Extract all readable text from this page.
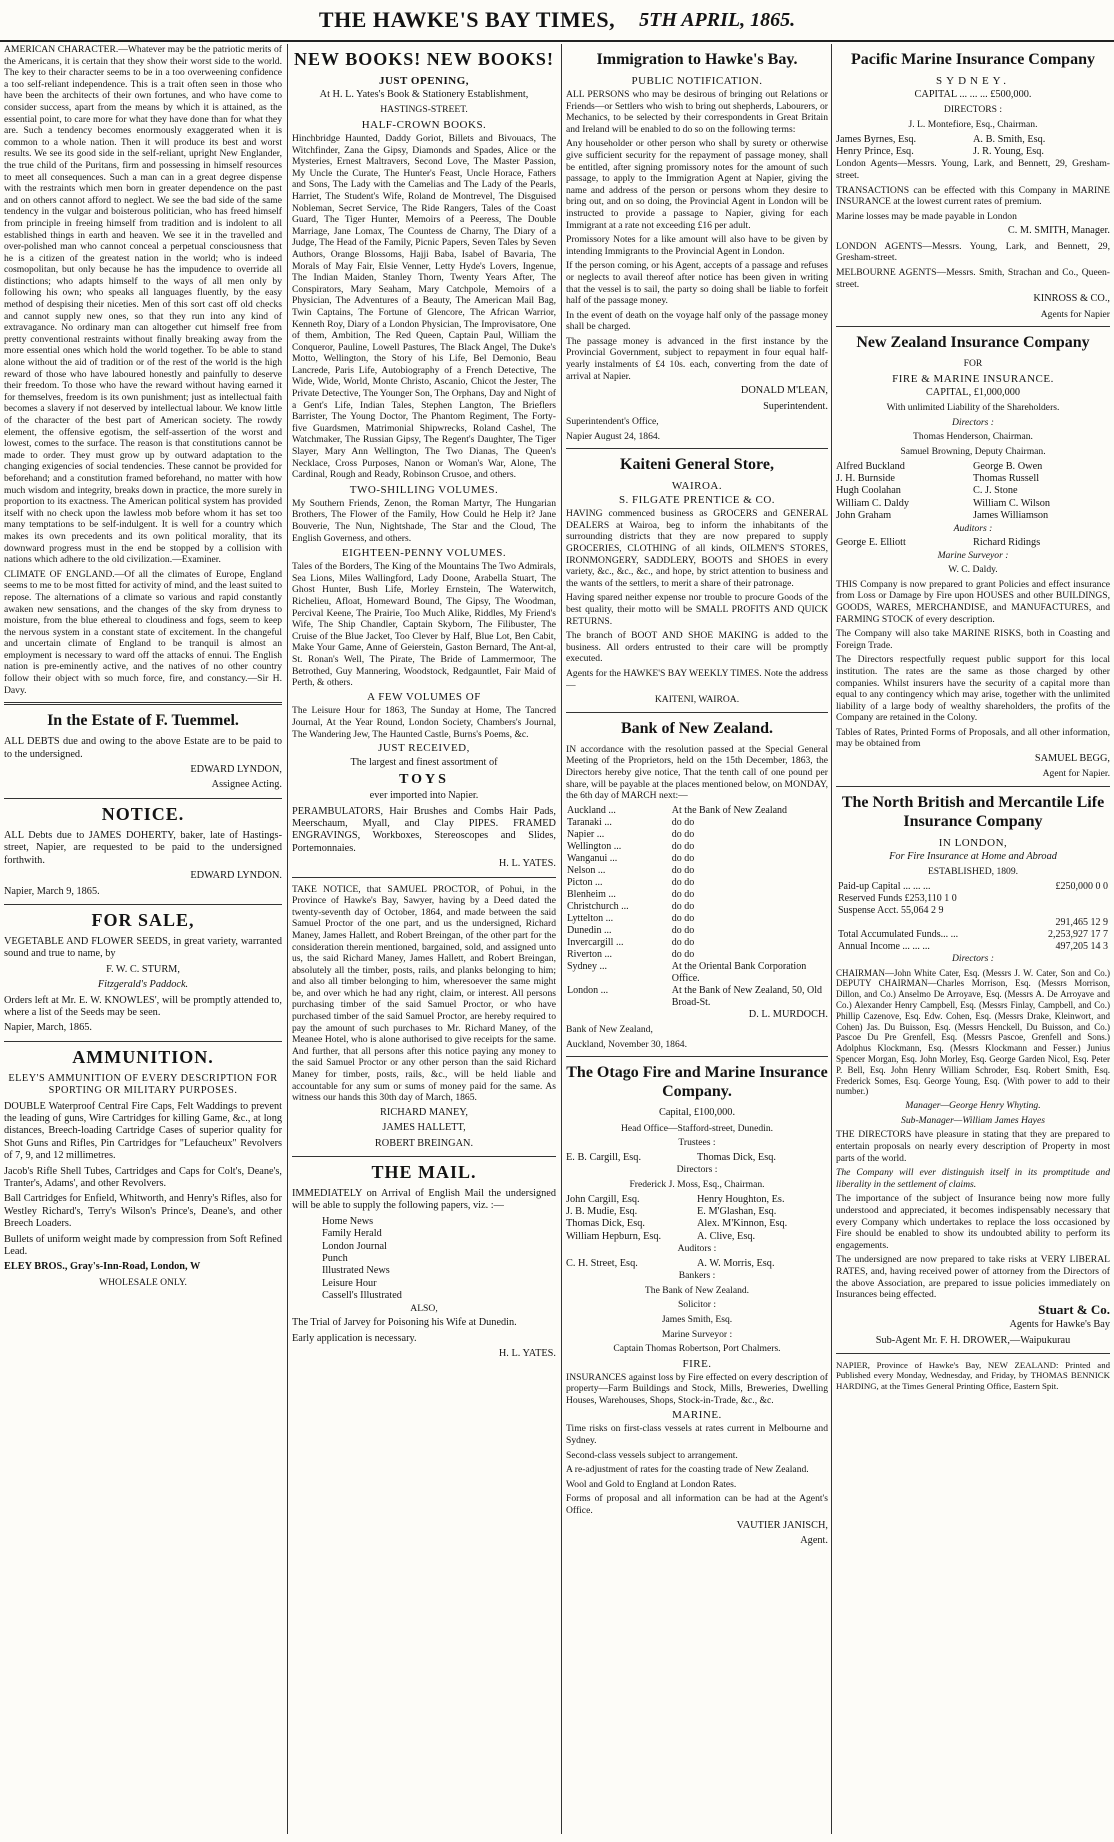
THE HAWKE'S BAY TIMES, 5TH APRIL, 1865.

AMERICAN CHARACTER.—Whatever may be the patriotic merits of the Americans, it is certain that they show their worst side to the world. The key to their character seems to be in a too overweening confidence a too self-reliant independence. This is a trait often seen in those who have been the architects of their own fortunes, and who have come to consider success, apart from the means by which it is attained, as the essential point, to care more for what they have done than for what they are. Such a tendency becomes enormously exaggerated when it is common to a whole nation. Then it will produce its best and worst results. We see its good side in the self-reliant, upright New Englander, the true child of the Puritans, firm and possessing in himself resources to meet all consequences. Such a man can in a great degree dispense with the restraints which men born in greater dependence on the past and on others cannot afford to neglect. We see the bad side of the same tendency in the vulgar and boisterous politician, who has freed himself from principle in freeing himself from tradition and is indolent to all established things in earth and heaven. We see it in the travelled and over-polished man who cannot conceal a perpetual consciousness that he is a citizen of the greatest nation in the world; who is indeed cosmopolitan, but only because he has the impudence to override all distinctions; who adapts himself to the ways of all men only by following his own; who speaks all languages fluently, by the easy method of despising their niceties. Men of this sort cast off old checks and cannot supply new ones, so that they run into any kind of extravagance. No ordinary man can altogether cut himself free from pretty conventional restraints without finally breaking away from the more essential ones which hold the world together. To be able to stand alone without the aid of tradition or of the rest of the world is the high reward of those who have laboured honestly and painfully to deserve their freedom. To those who have the reward without having earned it for themselves, freedom is its own punishment; just as intellectual faith becomes a slavery if not deserved by intellectual labour. We know little of the character of the best part of American society. The rowdy element, the offensive egotism, the self-assertion of the worst and lowest, comes to the surface. The reason is that constitutions cannot be made to order. They must grow up by outward adaptation to the changing exigencies of social tendencies. These cannot be provided for beforehand; and a constitution framed beforehand, no matter with how much wisdom and integrity, breaks down in practice, the more surely in proportion to its exactness. The American political system has provided itself with no check upon the lawless mob before whom it has set too many temptations to be self-indulgent. It is well for a country which makes its own precedents and its own political morality, that its downward progress must in the end be stopped by a collision with nations which adhere to the old civilization.—Examiner.

CLIMATE OF ENGLAND.—Of all the climates of Europe, England seems to me to be most fitted for activity of mind, and the least suited to repose. The alternations of a climate so various and rapid constantly awaken new sensations, and the changes of the sky from dryness to moisture, from the blue ethereal to cloudiness and fogs, seem to keep the nervous system in a constant state of excitement. In the changeful and uncertain climate of England to be tranquil is almost an employment is necessary to ward off the attacks of ennui. The English nation is pre-eminently active, and the natives of no other country follow their object with so much force, fire, and constancy.—Sir H. Davy.

In the Estate of F. Tuemmel.

ALL DEBTS due and owing to the above Estate are to be paid to to the undersigned.

EDWARD LYNDON,

Assignee Acting.

NOTICE.

ALL Debts due to JAMES DOHERTY, baker, late of Hastings-street, Napier, are requested to be paid to the undersigned forthwith.

EDWARD LYNDON.

Napier, March 9, 1865.

FOR SALE,

VEGETABLE AND FLOWER SEEDS, in great variety, warranted sound and true to name, by

F. W. C. STURM,

Fitzgerald's Paddock.

Orders left at Mr. E. W. KNOWLES', will be promptly attended to, where a list of the Seeds may be seen.

Napier, March, 1865.

AMMUNITION.

ELEY'S AMMUNITION OF EVERY DESCRIPTION FOR SPORTING OR MILITARY PURPOSES.

DOUBLE Waterproof Central Fire Caps, Felt Waddings to prevent the leading of guns, Wire Cartridges for killing Game, &c., at long distances, Breech-loading Cartridge Cases of superior quality for Shot Guns and Rifles, Pin Cartridges for "Lefaucheux" Revolvers of 7, 9, and 12 millimetres.

Jacob's Rifle Shell Tubes, Cartridges and Caps for Colt's, Deane's, Tranter's, Adams', and other Revolvers.

Ball Cartridges for Enfield, Whitworth, and Henry's Rifles, also for Westley Richard's, Terry's Wilson's Prince's, Deane's, and other Breech Loaders.

Bullets of uniform weight made by compression from Soft Refined Lead.

ELEY BROS., Gray's-Inn-Road, London, W

WHOLESALE ONLY.

NEW BOOKS! NEW BOOKS!
JUST OPENING,

At H. L. Yates's Book & Stationery Establishment,

HASTINGS-STREET.

HALF-CROWN BOOKS.

Hinchbridge Haunted, Daddy Goriot, Billets and Bivouacs, The Witchfinder, Zana the Gipsy, Diamonds and Spades, Alice or the Mysteries, Ernest Maltravers, Second Love, The Master Passion, My Uncle the Curate, The Hunter's Feast, Uncle Horace, Fathers and Sons, The Lady with the Camelias and The Lady of the Pearls, Harriet, The Student's Wife, Roland de Montrevel, The Disguised Nobleman, Secret Service, The Ride Rangers, Tales of the Coast Guard, The Tiger Hunter, Memoirs of a Peeress, The Double Marriage, Jane Lomax, The Countess de Charny, The Diary of a Judge, The Head of the Family, Picnic Papers, Seven Tales by Seven Authors, Orange Blossoms, Hajji Baba, Isabel of Bavaria, The Morals of May Fair, Elsie Venner, Letty Hyde's Lovers, Ingenue, The Indian Maiden, Stanley Thorn, Twenty Years After, The Conspirators, Mary Seaham, Mary Catchpole, Memoirs of a Physician, The Adventures of a Beauty, The American Mail Bag, Twin Captains, The Fortune of Glencore, The African Warrior, Kenneth Roy, Diary of a London Physician, The Improvisatore, One of them, Ambition, The Red Queen, Captain Paul, William the Conqueror, Pauline, Lowell Pastures, The Black Angel, The Duke's Motto, Wellington, the Story of his Life, Bel Demonio, Beau Lancrede, Paris Life, Autobiography of a French Detective, The Wide, Wide, World, Monte Christo, Ascanio, Chicot the Jester, The Private Detective, The Younger Son, The Orphans, Day and Night of a Gent's Life, Indian Tales, Stephen Langton, The Brieflers Barrister, The Young Doctor, The Phantom Regiment, The Forty-five Guardsmen, Matrimonial Shipwrecks, Roland Cashel, The Watchmaker, The Russian Gipsy, The Regent's Daughter, The Tiger Slayer, Mary Ann Wellington, The Two Dianas, The Queen's Necklace, Cross Purposes, Nanon or Woman's War, Alone, The Cardinal, Rough and Ready, Robinson Crusoe, and others.

TWO-SHILLING VOLUMES.

My Southern Friends, Zenon, the Roman Martyr, The Hungarian Brothers, The Flower of the Family, How Could he Help it? Jane Bouverie, The Nun, Nightshade, The Star and the Cloud, The English Governess, and others.

EIGHTEEN-PENNY VOLUMES.

Tales of the Borders, The King of the Mountains The Two Admirals, Sea Lions, Miles Wallingford, Lady Doone, Arabella Stuart, The Ghost Hunter, Bush Life, Morley Ernstein, The Waterwitch, Richelieu, Afloat, Homeward Bound, The Gipsy, The Woodman, Percival Keene, The Prairie, Too Much Alike, Riddles, My Friend's Wife, The Ship Chandler, Captain Skyborn, The Filibuster, The Cruise of the Blue Jacket, Too Clever by Half, Blue Lot, Ben Cabit, Make Your Game, Anne of Geierstein, Gaston Bernard, The Ant-al, St. Ronan's Well, The Pirate, The Bride of Lammermoor, The Betrothed, Guy Mannering, Woodstock, Redgauntlet, Fair Maid of Perth, & others.

A FEW VOLUMES OF

The Leisure Hour for 1863, The Sunday at Home, The Tancred Journal, At the Year Round, London Society, Chambers's Journal, The Wandering Jew, The Haunted Castle, Burns's Poems, &c.

JUST RECEIVED,

The largest and finest assortment of

TOYS

ever imported into Napier.

PERAMBULATORS, Hair Brushes and Combs Hair Pads, Meerschaum, Myall, and Clay PIPES. FRAMED ENGRAVINGS, Workboxes, Stereoscopes and Slides, Portemonnaies.

H. L. YATES.

TAKE NOTICE, that SAMUEL PROCTOR, of Pohui, in the Province of Hawke's Bay, Sawyer, having by a Deed dated the twenty-seventh day of October, 1864, and made between the said Samuel Proctor of the one part, and us the undersigned, Richard Maney, James Hallett, and Robert Breingan, of the other part for the consideration therein mentioned, bargained, sold, and assigned unto us, the said Richard Maney, James Hallett, and Robert Breingan, absolutely all the timber, posts, rails, and planks belonging to him; and also all timber belonging to him, wheresoever the same might be, and over which he had any right, claim, or interest. All persons purchasing timber of the said Samuel Proctor, or who have purchased timber of the said Samuel Proctor, are hereby required to pay the amount of such purchases to Mr. Richard Maney, of the Meanee Hotel, who is alone authorised to give receipts for the same. And further, that all persons after this notice paying any money to the said Samuel Proctor or any other person than the said Richard Maney for timber, posts, rails, &c., will be held liable and accountable for any sum or sums of money paid for the same. As witness our hands this 30th day of March, 1865.

RICHARD MANEY,

JAMES HALLETT,

ROBERT BREINGAN.

THE MAIL.

IMMEDIATELY on Arrival of English Mail the undersigned will be able to supply the following papers, viz. :—

Home News
Family Herald
London Journal
Punch
Illustrated News
Leisure Hour
Cassell's Illustrated

ALSO,

The Trial of Jarvey for Poisoning his Wife at Dunedin.

Early application is necessary.

H. L. YATES.

Immigration to Hawke's Bay.
PUBLIC NOTIFICATION.

ALL PERSONS who may be desirous of bringing out Relations or Friends—or Settlers who wish to bring out shepherds, Labourers, or Mechanics, to be selected by their correspondents in Great Britain and Ireland will be enabled to do so on the following terms:

Any householder or other person who shall by surety or otherwise give sufficient security for the repayment of passage money, shall be entitled, after signing promissory notes for the amount of such passage, to apply to the Immigration Agent at Napier, giving the name and address of the person or persons whom they desire to bring out, and on so doing, the Provincial Agent in London will be instructed to provide a passage to Napier, giving for each Immigrant at a rate not exceeding £16 per adult.

Promissory Notes for a like amount will also have to be given by intending Immigrants to the Provincial Agent in London.

If the person coming, or his Agent, accepts of a passage and refuses or neglects to avail thereof after notice has been given in writing that the vessel is to sail, the party so doing shall be liable to forfeit half of the passage money.

In the event of death on the voyage half only of the passage money shall be charged.

The passage money is advanced in the first instance by the Provincial Government, subject to repayment in four equal half-yearly instalments of £4 10s. each, converting from the date of arrival at Napier.

DONALD M'LEAN,

Superintendent.

Superintendent's Office,

Napier August 24, 1864.

Kaiteni General Store,
WAIROA.
S. FILGATE PRENTICE & CO.

HAVING commenced business as GROCERS and GENERAL DEALERS at Wairoa, beg to inform the inhabitants of the surrounding districts that they are now prepared to supply GROCERIES, CLOTHING of all kinds, OILMEN'S STORES, IRONMONGERY, SADDLERY, BOOTS and SHOES in every variety, &c., &c., &c., and hope, by strict attention to business and the wants of the settlers, to merit a share of their patronage.

Having spared neither expense nor trouble to procure Goods of the best quality, their motto will be SMALL PROFITS AND QUICK RETURNS.

The branch of BOOT AND SHOE MAKING is added to the business. All orders entrusted to their care will be promptly executed.

Agents for the HAWKE'S BAY WEEKLY TIMES. Note the address—

KAITENI, WAIROA.

Bank of New Zealand.

IN accordance with the resolution passed at the Special General Meeting of the Proprietors, held on the 15th December, 1863, the Directors hereby give notice, That the tenth call of one pound per share, will be payable at the places mentioned below, on MONDAY, the 6th day of MARCH next:—

Auckland ...	At the Bank of New Zealand
Taranaki ...	do do
Napier ...	do do
Wellington ...	do do
Wanganui ...	do do
Nelson ...	do do
Picton ...	do do
Blenheim ...	do do
Christchurch ...	do do
Lyttelton ...	do do
Dunedin ...	do do
Invercargill ...	do do
Riverton ...	do do
Sydney ...	At the Oriental Bank Corporation Office.
London ...	At the Bank of New Zealand, 50, Old Broad-St.

D. L. MURDOCH.

Bank of New Zealand,

Auckland, November 30, 1864.

The Otago Fire and Marine Insurance Company.

Capital, £100,000.

Head Office—Stafford-street, Dunedin.

Trustees :

E. B. Cargill, Esq.	Thomas Dick, Esq.

Directors :

Frederick J. Moss, Esq., Chairman.

John Cargill, Esq.	Henry Houghton, Es.
J. B. Mudie, Esq.	E. M'Glashan, Esq.
Thomas Dick, Esq.	Alex. M'Kinnon, Esq.
William Hepburn, Esq.	A. Clive, Esq.

Auditors :

C. H. Street, Esq.	A. W. Morris, Esq.

Bankers :

The Bank of New Zealand.

Solicitor :

James Smith, Esq.

Marine Surveyor :

Captain Thomas Robertson, Port Chalmers.

FIRE.

INSURANCES against loss by Fire effected on every description of property—Farm Buildings and Stock, Mills, Breweries, Dwelling Houses, Warehouses, Shops, Stock-in-Trade, &c., &c.

MARINE.

Time risks on first-class vessels at rates current in Melbourne and Sydney.

Second-class vessels subject to arrangement.

A re-adjustment of rates for the coasting trade of New Zealand.

Wool and Gold to England at London Rates.

Forms of proposal and all information can be had at the Agent's Office.

VAUTIER JANISCH,

Agent.

Pacific Marine Insurance Company
SYDNEY.

CAPITAL ... ... ... £500,000.

DIRECTORS :

J. L. Montefiore, Esq., Chairman.

James Byrnes, Esq.	A. B. Smith, Esq.
Henry Prince, Esq.	J. R. Young, Esq.

London Agents—Messrs. Young, Lark, and Bennett, 29, Gresham-street.

TRANSACTIONS can be effected with this Company in MARINE INSURANCE at the lowest current rates of premium.

Marine losses may be made payable in London

C. M. SMITH, Manager.

LONDON AGENTS—Messrs. Young, Lark, and Bennett, 29, Gresham-street.

MELBOURNE AGENTS—Messrs. Smith, Strachan and Co., Queen-street.

KINROSS & CO.,

Agents for Napier

New Zealand Insurance Company

FOR

FIRE & MARINE INSURANCE.

CAPITAL, £1,000,000

With unlimited Liability of the Shareholders.

Directors :

Thomas Henderson, Chairman.

Samuel Browning, Deputy Chairman.

Alfred Buckland	George B. Owen
J. H. Burnside	Thomas Russell
Hugh Coolahan	C. J. Stone
William C. Daldy	William C. Wilson
John Graham	James Williamson

Auditors :

George E. Elliott	Richard Ridings

Marine Surveyor :

W. C. Daldy.

THIS Company is now prepared to grant Policies and effect insurance from Loss or Damage by Fire upon HOUSES and other BUILDINGS, GOODS, WARES, MERCHANDISE, and MANUFACTURES, and FARMING STOCK of every description.

The Company will also take MARINE RISKS, both in Coasting and Foreign Trade.

The Directors respectfully request public support for this local institution. The rates are the same as those charged by other companies. Whilst insurers have the security of a capital more than equal to any contingency which may arise, together with the unlimited liability of a large body of wealthy shareholders, the profits of the Company are retained in the Colony.

Tables of Rates, Printed Forms of Proposals, and all other information, may be obtained from

SAMUEL BEGG,

Agent for Napier.

The North British and Mercantile Life Insurance Company
IN LONDON,

For Fire Insurance at Home and Abroad

ESTABLISHED, 1809.

Paid-up Capital ... ... ...	£250,000 0 0
Reserved Funds £253,110 1 0	
Suspense Acct. 55,064 2 9	
	291,465 12 9
Total Accumulated Funds... ...	2,253,927 17 7
Annual Income ... ... ...	497,205 14 3

Directors :

CHAIRMAN—John White Cater, Esq. (Messrs J. W. Cater, Son and Co.) DEPUTY CHAIRMAN—Charles Morrison, Esq. (Messrs Morrison, Dillon, and Co.) Anselmo De Arroyave, Esq. (Messrs A. De Arroyave and Co.) Alexander Henry Campbell, Esq. (Messrs Finlay, Campbell, and Co.) Phillip Cazenove, Esq. Edw. Cohen, Esq. (Messrs Drake, Kleinwort, and Cohen) Jas. Du Buisson, Esq. (Messrs Henckell, Du Buisson, and Co.) Pascoe Du Pre Grenfell, Esq. (Messrs Pascoe, Grenfell and Sons.) Adolphus Klockmann, Esq. (Messrs Klockmann and Fesser.) Junius Spencer Morgan, Esq. John Morley, Esq. George Garden Nicol, Esq. Peter P. Bell, Esq. John Henry William Schroder, Esq. Robert Smith, Esq. Frederick Somes, Esq. George Young, Esq. (With power to add to their number.)

Manager—George Henry Whyting.

Sub-Manager—William James Hayes

THE DIRECTORS have pleasure in stating that they are prepared to entertain proposals on nearly every description of Property in most parts of the world.

The Company will ever distinguish itself in its promptitude and liberality in the settlement of claims.

The importance of the subject of Insurance being now more fully understood and appreciated, it becomes indispensably necessary that every Company which undertakes to replace the loss occasioned by Fire should be enabled to show its undoubted ability to perform its engagements.

The undersigned are now prepared to take risks at VERY LIBERAL RATES, and, having received power of attorney from the Directors of the above Association, are prepared to issue policies immediately on Insurances being effected.

Stuart & Co.

Agents for Hawke's Bay

Sub-Agent Mr. F. H. DROWER,—Waipukurau

NAPIER, Province of Hawke's Bay, NEW ZEALAND: Printed and Published every Monday, Wednesday, and Friday, by THOMAS BENNICK HARDING, at the Times General Printing Office, Eastern Spit.
